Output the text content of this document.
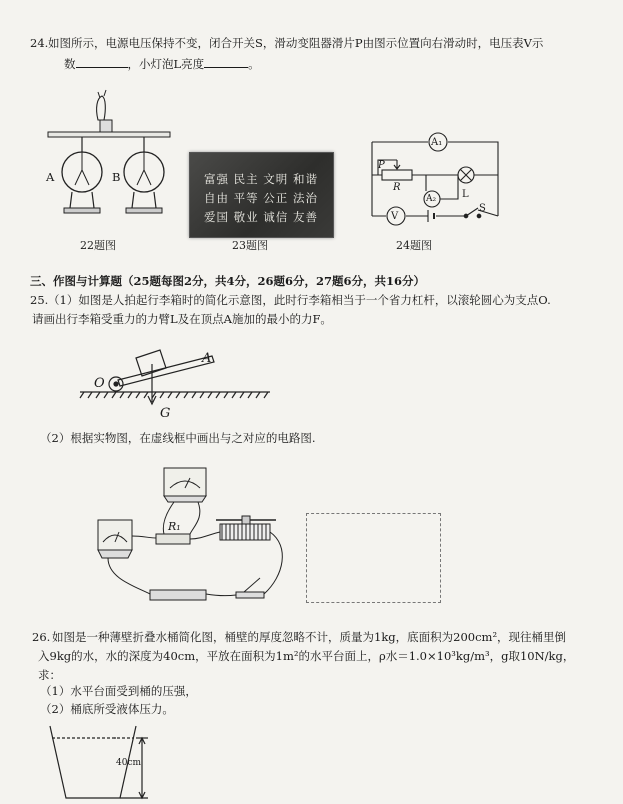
24. 如图所示，电源电压保持不变，闭合开关S，滑动变阻器滑片P由图示位置向右滑动时，电压表V示
数	，小灯泡L亮度	。
A	B
22题图
富强 民主 文明 和谐
自由 平等 公正 法治
爱国 敬业 诚信 友善
23题图
A₁
P
R
A₂	L
V
S
24题图
三、作图与计算题（25题每图2分，共4分，26题6分，27题6分，共16分）
25. （1）如图是人拍起行李箱时的简化示意图，此时行李箱相当于一个省力杠杆，以滚轮圆心为支点O.
请画出行李箱受重力的力臂L及在顶点A施加的最小的力F。
O
A
G
（2）根据实物图，在虚线框中画出与之对应的电路图.
R₁
26. 如图是一种薄壁折叠水桶简化图，桶壁的厚度忽略不计，质量为1kg，底面积为200cm²，现往桶里倒
入9kg的水，水的深度为40cm，平放在面积为1m²的水平台面上，ρ水＝1.0×10³kg/m³，g取10N/kg，
求：
（1）水平台面受到桶的压强，
（2）桶底所受液体压力。
40cm
